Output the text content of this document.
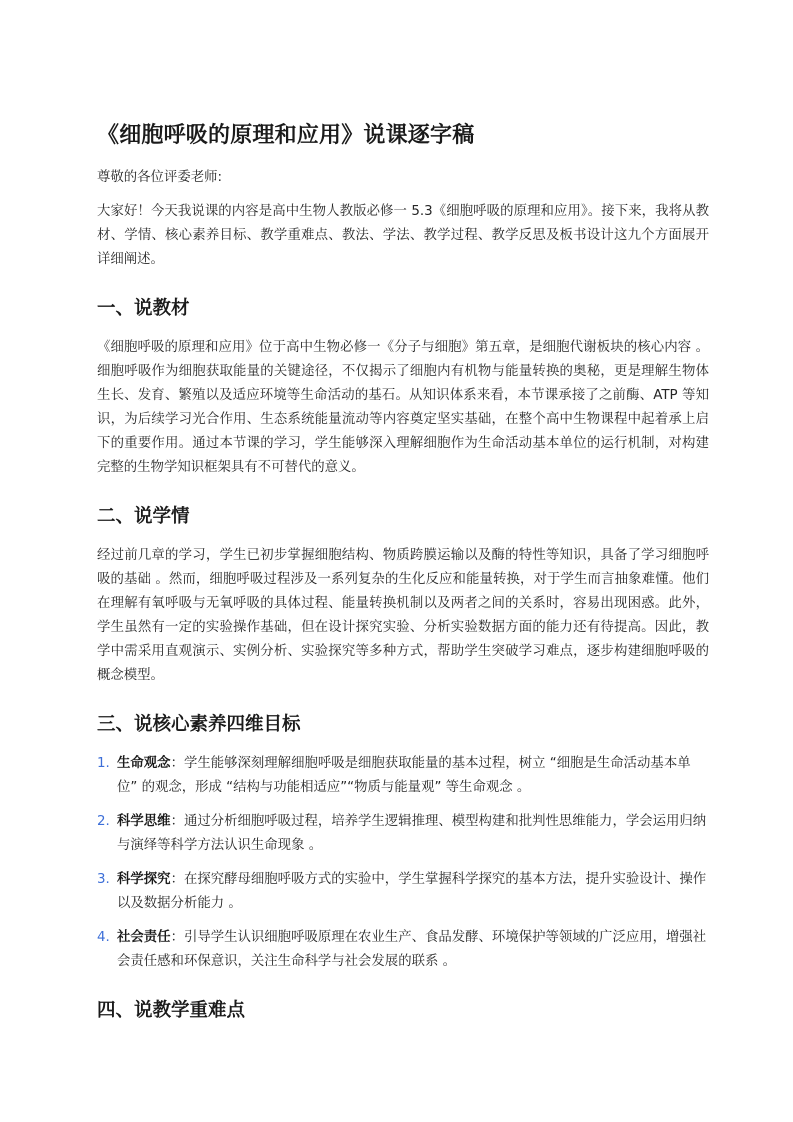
《细胞呼吸的原理和应用》说课逐字稿

尊敬的各位评委老师:

大家好！今天我说课的内容是高中生物人教版必修一 5.3《细胞呼吸的原理和应用》。接下来，我将从教材、学情、核心素养目标、教学重难点、教法、学法、教学过程、教学反思及板书设计这九个方面展开详细阐述。

一、说教材

《细胞呼吸的原理和应用》位于高中生物必修一《分子与细胞》第五章，是细胞代谢板块的核心内容 。细胞呼吸作为细胞获取能量的关键途径，不仅揭示了细胞内有机物与能量转换的奥秘，更是理解生物体生长、发育、繁殖以及适应环境等生命活动的基石。从知识体系来看，本节课承接了之前酶、ATP 等知识，为后续学习光合作用、生态系统能量流动等内容奠定坚实基础，在整个高中生物课程中起着承上启下的重要作用。通过本节课的学习，学生能够深入理解细胞作为生命活动基本单位的运行机制，对构建完整的生物学知识框架具有不可替代的意义。

二、说学情

经过前几章的学习，学生已初步掌握细胞结构、物质跨膜运输以及酶的特性等知识，具备了学习细胞呼吸的基础 。然而，细胞呼吸过程涉及一系列复杂的生化反应和能量转换，对于学生而言抽象难懂。他们在理解有氧呼吸与无氧呼吸的具体过程、能量转换机制以及两者之间的关系时，容易出现困惑。此外，学生虽然有一定的实验操作基础，但在设计探究实验、分析实验数据方面的能力还有待提高。因此，教学中需采用直观演示、实例分析、实验探究等多种方式，帮助学生突破学习难点，逐步构建细胞呼吸的概念模型。

三、说核心素养四维目标
1. 生命观念：学生能够深刻理解细胞呼吸是细胞获取能量的基本过程，树立 “细胞是生命活动基本单位” 的观念，形成 “结构与功能相适应”“物质与能量观” 等生命观念 。
2. 科学思维：通过分析细胞呼吸过程，培养学生逻辑推理、模型构建和批判性思维能力，学会运用归纳与演绎等科学方法认识生命现象 。
3. 科学探究：在探究酵母细胞呼吸方式的实验中，学生掌握科学探究的基本方法，提升实验设计、操作以及数据分析能力 。
4. 社会责任：引导学生认识细胞呼吸原理在农业生产、食品发酵、环境保护等领域的广泛应用，增强社会责任感和环保意识，关注生命科学与社会发展的联系 。
四、说教学重难点
